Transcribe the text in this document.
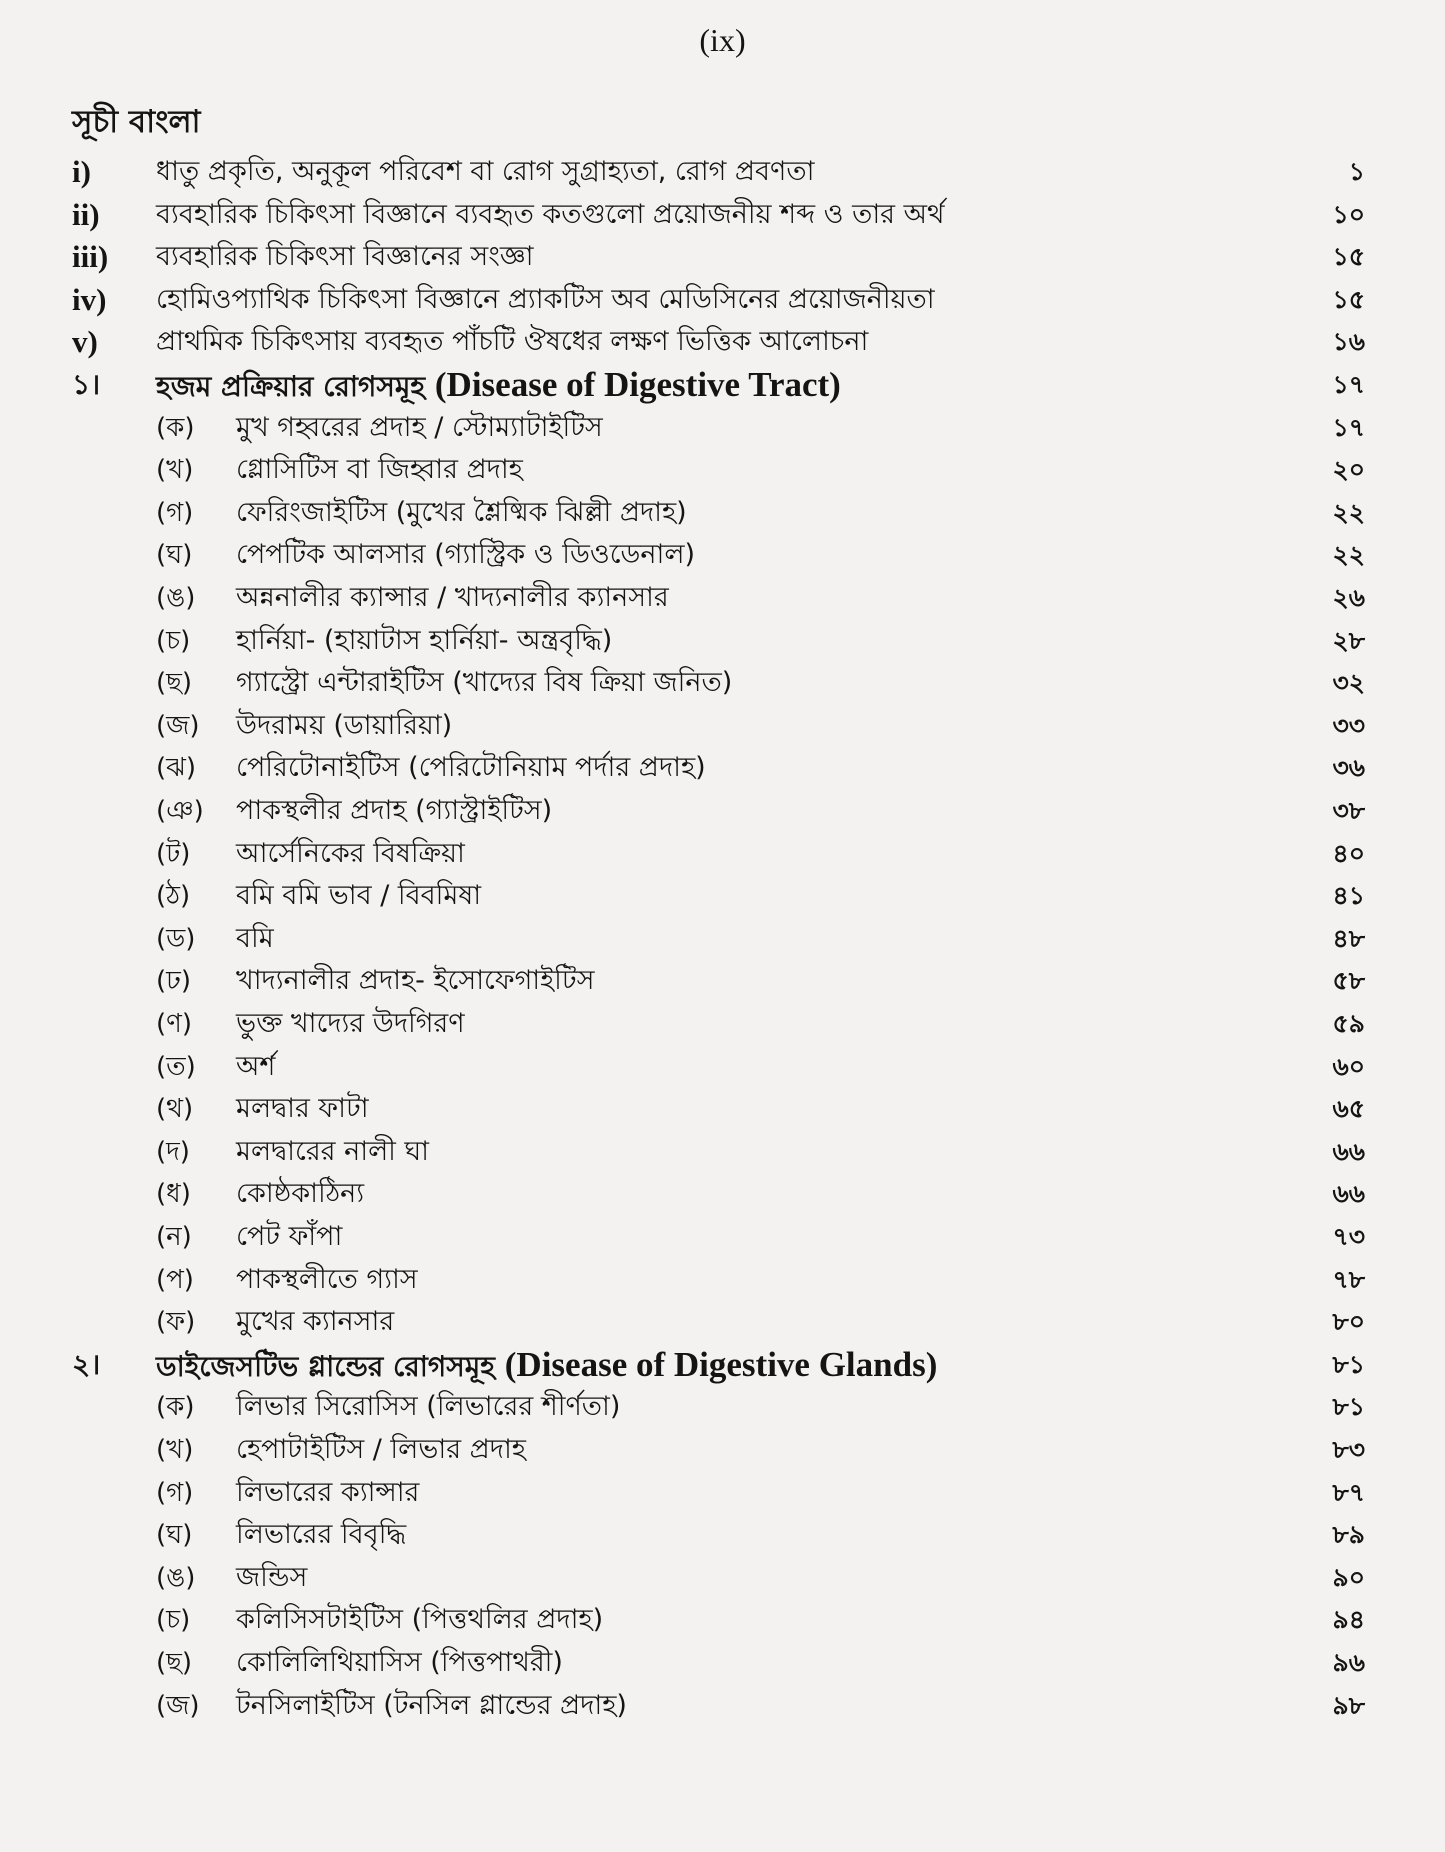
(ix)
সূচী বাংলা
i) ধাতু প্রকৃতি, অনুকূল পরিবেশ বা রোগ সুগ্রাহ্যতা, রোগ প্রবণতা	১
ii) ব্যবহারিক চিকিৎসা বিজ্ঞানে ব্যবহৃত কতগুলো প্রয়োজনীয় শব্দ ও তার অর্থ	১০
iii) ব্যবহারিক চিকিৎসা বিজ্ঞানের সংজ্ঞা	১৫
iv) হোমিওপ্যাথিক চিকিৎসা বিজ্ঞানে প্র্যাকটিস অব মেডিসিনের প্রয়োজনীয়তা	১৫
v) প্রাথমিক চিকিৎসায় ব্যবহৃত পাঁচটি ঔষধের লক্ষণ ভিত্তিক আলোচনা	১৬
১। হজম প্রক্রিয়ার রোগসমূহ (Disease of Digestive Tract)	১৭
(ক) মুখ গহ্বরের প্রদাহ / স্টোম্যাটাইটিস	১৭
(খ) গ্লোসিটিস বা জিহ্বার প্রদাহ	২০
(গ) ফেরিংজাইটিস (মুখের শ্লৈষ্মিক ঝিল্লী প্রদাহ)	২২
(ঘ) পেপটিক আলসার (গ্যাস্ট্রিক ও ডিওডেনাল)	২২
(ঙ) অন্ননালীর ক্যান্সার / খাদ্যনালীর ক্যানসার	২৬
(চ) হার্নিয়া- (হায়াটাস হার্নিয়া- অন্ত্রবৃদ্ধি)	২৮
(ছ) গ্যাস্ট্রো এন্টারাইটিস (খাদ্যের বিষ ক্রিয়া জনিত)	৩২
(জ) উদরাময় (ডায়ারিয়া)	৩৩
(ঝ) পেরিটোনাইটিস (পেরিটোনিয়াম পর্দার প্রদাহ)	৩৬
(ঞ) পাকস্থলীর প্রদাহ (গ্যাস্ট্রাইটিস)	৩৮
(ট) আর্সেনিকের বিষক্রিয়া	৪০
(ঠ) বমি বমি ভাব / বিবমিষা	৪১
(ড) বমি	৪৮
(ঢ) খাদ্যনালীর প্রদাহ- ইসোফেগাইটিস	৫৮
(ণ) ভুক্ত খাদ্যের উদগিরণ	৫৯
(ত) অর্শ	৬০
(থ) মলদ্বার ফাটা	৬৫
(দ) মলদ্বারের নালী ঘা	৬৬
(ধ) কোষ্ঠকাঠিন্য	৬৬
(ন) পেট ফাঁপা	৭৩
(প) পাকস্থলীতে গ্যাস	৭৮
(ফ) মুখের ক্যানসার	৮০
২। ডাইজেসটিভ গ্লান্ডের রোগসমূহ (Disease of Digestive Glands)	৮১
(ক) লিভার সিরোসিস (লিভারের শীর্ণতা)	৮১
(খ) হেপাটাইটিস / লিভার প্রদাহ	৮৩
(গ) লিভারের ক্যান্সার	৮৭
(ঘ) লিভারের বিবৃদ্ধি	৮৯
(ঙ) জন্ডিস	৯০
(চ) কলিসিসটাইটিস (পিত্তথলির প্রদাহ)	৯৪
(ছ) কোলিলিথিয়াসিস (পিত্তপাথরী)	৯৬
(জ) টনসিলাইটিস (টনসিল গ্লান্ডের প্রদাহ)	৯৮
